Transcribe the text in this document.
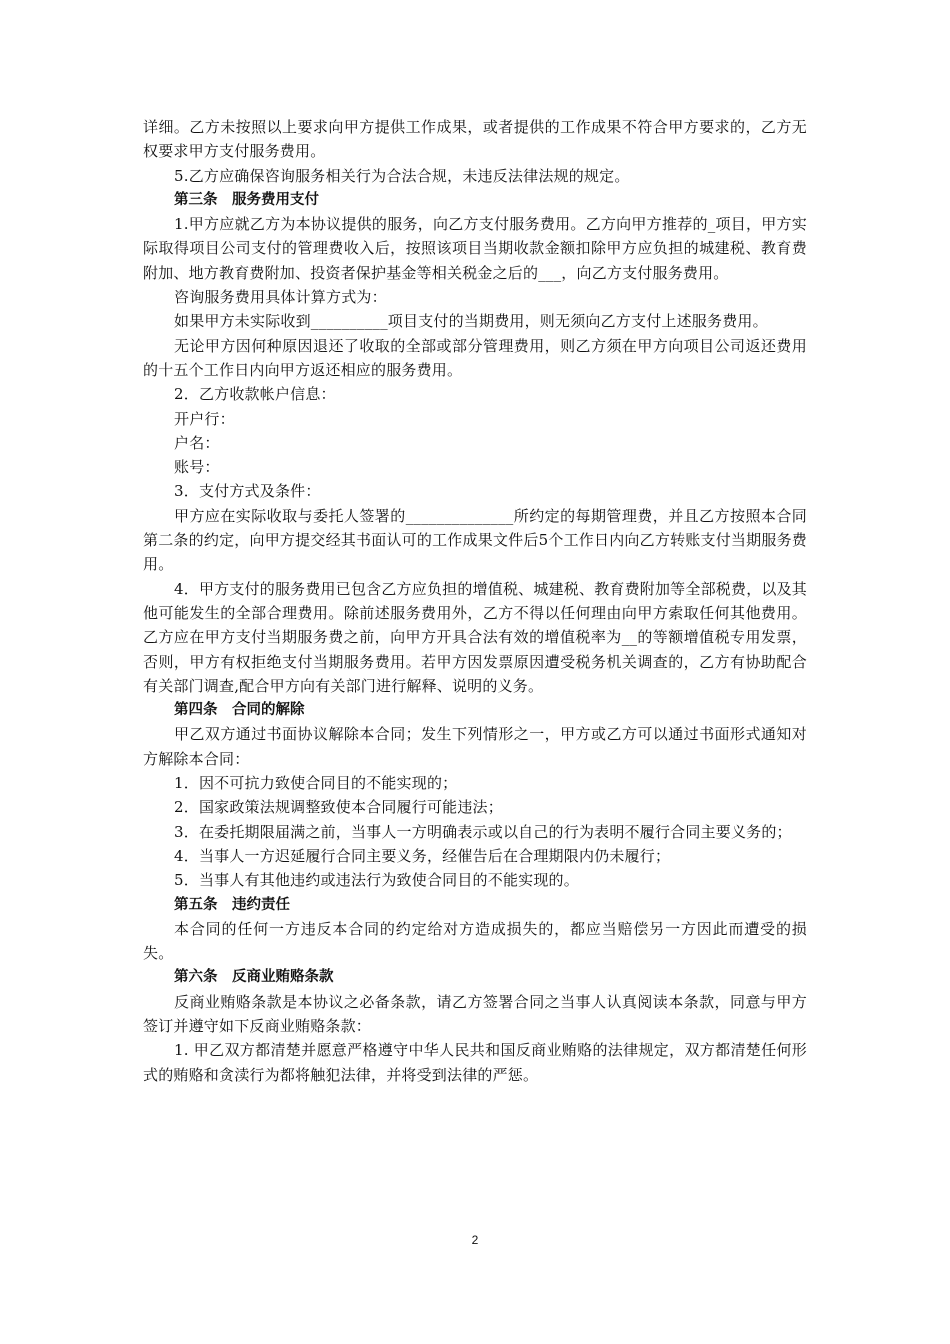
详细。乙方未按照以上要求向甲方提供工作成果，或者提供的工作成果不符合甲方要求的，乙方无权要求甲方支付服务费用。

5.乙方应确保咨询服务相关行为合法合规，未违反法律法规的规定。

第三条　服务费用支付

1.甲方应就乙方为本协议提供的服务，向乙方支付服务费用。乙方向甲方推荐的_项目，甲方实际取得项目公司支付的管理费收入后，按照该项目当期收款金额扣除甲方应负担的城建税、教育费附加、地方教育费附加、投资者保护基金等相关税金之后的___，向乙方支付服务费用。

咨询服务费用具体计算方式为：

如果甲方未实际收到__________项目支付的当期费用，则无须向乙方支付上述服务费用。

无论甲方因何种原因退还了收取的全部或部分管理费用，则乙方须在甲方向项目公司返还费用的十五个工作日内向甲方返还相应的服务费用。

2．乙方收款帐户信息：

开户行：

户名：

账号：

3．支付方式及条件：

甲方应在实际收取与委托人签署的______________所约定的每期管理费，并且乙方按照本合同第二条的约定，向甲方提交经其书面认可的工作成果文件后5个工作日内向乙方转账支付当期服务费用。

4．甲方支付的服务费用已包含乙方应负担的增值税、城建税、教育费附加等全部税费，以及其他可能发生的全部合理费用。除前述服务费用外，乙方不得以任何理由向甲方索取任何其他费用。乙方应在甲方支付当期服务费之前，向甲方开具合法有效的增值税率为__的等额增值税专用发票，否则，甲方有权拒绝支付当期服务费用。若甲方因发票原因遭受税务机关调查的，乙方有协助配合有关部门调查,配合甲方向有关部门进行解释、说明的义务。

第四条　合同的解除

甲乙双方通过书面协议解除本合同；发生下列情形之一，甲方或乙方可以通过书面形式通知对方解除本合同：

1．因不可抗力致使合同目的不能实现的；

2．国家政策法规调整致使本合同履行可能违法；

3．在委托期限届满之前，当事人一方明确表示或以自己的行为表明不履行合同主要义务的；

4．当事人一方迟延履行合同主要义务，经催告后在合理期限内仍未履行；

5．当事人有其他违约或违法行为致使合同目的不能实现的。

第五条　违约责任

本合同的任何一方违反本合同的约定给对方造成损失的，都应当赔偿另一方因此而遭受的损失。

第六条　反商业贿赂条款

反商业贿赂条款是本协议之必备条款，请乙方签署合同之当事人认真阅读本条款，同意与甲方签订并遵守如下反商业贿赂条款：

1. 甲乙双方都清楚并愿意严格遵守中华人民共和国反商业贿赂的法律规定，双方都清楚任何形式的贿赂和贪渎行为都将触犯法律，并将受到法律的严惩。

2
